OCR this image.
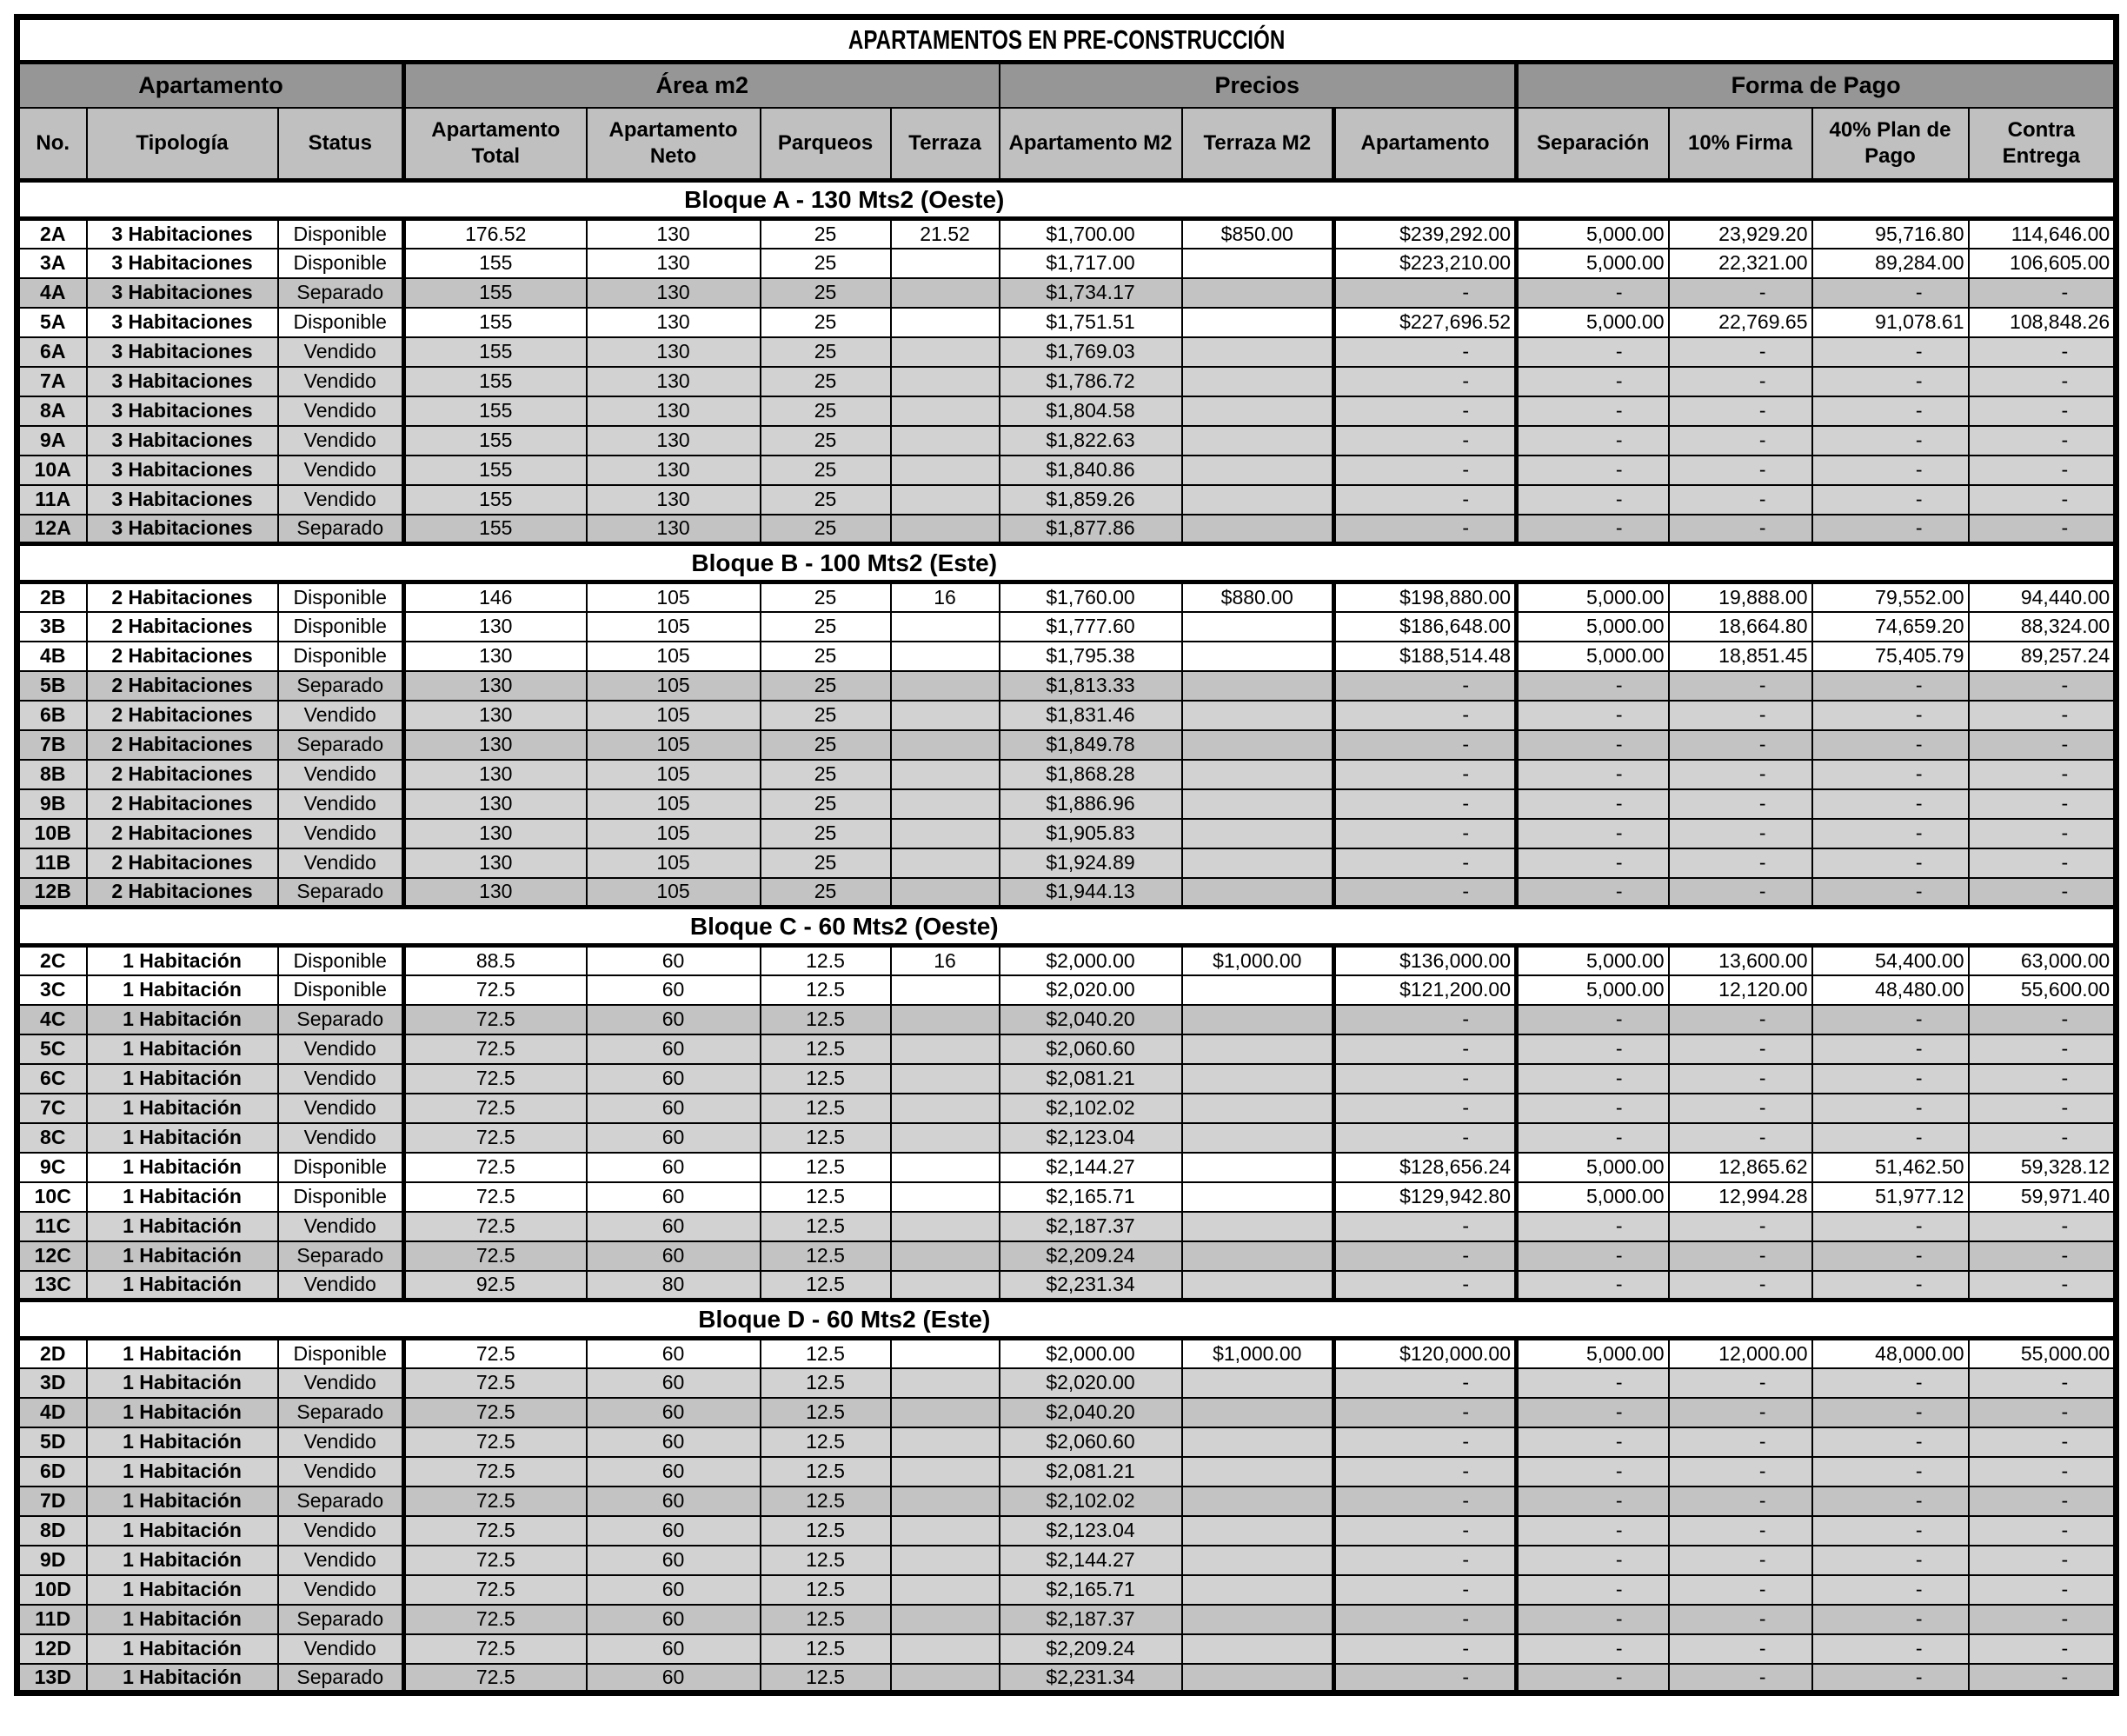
APARTAMENTOS EN PRE-CONSTRUCCIÓN													
Apartamento			Área m2				Precios			Forma de Pago			
No.	Tipología	Status	Apartamento Total	Apartamento Neto	Parqueos	Terraza	Apartamento M2	Terraza M2	Apartamento	Separación	10% Firma	40% Plan de Pago	Contra Entrega
Bloque A - 130 Mts2 (Oeste)													
2A	3 Habitaciones	Disponible	176.52	130	25	21.52	$1,700.00	$850.00	$239,292.00	5,000.00	23,929.20	95,716.80	114,646.00
3A	3 Habitaciones	Disponible	155	130	25		$1,717.00		$223,210.00	5,000.00	22,321.00	89,284.00	106,605.00
4A	3 Habitaciones	Separado	155	130	25		$1,734.17		-	-	-	-	-
5A	3 Habitaciones	Disponible	155	130	25		$1,751.51		$227,696.52	5,000.00	22,769.65	91,078.61	108,848.26
6A	3 Habitaciones	Vendido	155	130	25		$1,769.03		-	-	-	-	-
7A	3 Habitaciones	Vendido	155	130	25		$1,786.72		-	-	-	-	-
8A	3 Habitaciones	Vendido	155	130	25		$1,804.58		-	-	-	-	-
9A	3 Habitaciones	Vendido	155	130	25		$1,822.63		-	-	-	-	-
10A	3 Habitaciones	Vendido	155	130	25		$1,840.86		-	-	-	-	-
11A	3 Habitaciones	Vendido	155	130	25		$1,859.26		-	-	-	-	-
12A	3 Habitaciones	Separado	155	130	25		$1,877.86		-	-	-	-	-
Bloque B - 100 Mts2 (Este)													
2B	2 Habitaciones	Disponible	146	105	25	16	$1,760.00	$880.00	$198,880.00	5,000.00	19,888.00	79,552.00	94,440.00
3B	2 Habitaciones	Disponible	130	105	25		$1,777.60		$186,648.00	5,000.00	18,664.80	74,659.20	88,324.00
4B	2 Habitaciones	Disponible	130	105	25		$1,795.38		$188,514.48	5,000.00	18,851.45	75,405.79	89,257.24
5B	2 Habitaciones	Separado	130	105	25		$1,813.33		-	-	-	-	-
6B	2 Habitaciones	Vendido	130	105	25		$1,831.46		-	-	-	-	-
7B	2 Habitaciones	Separado	130	105	25		$1,849.78		-	-	-	-	-
8B	2 Habitaciones	Vendido	130	105	25		$1,868.28		-	-	-	-	-
9B	2 Habitaciones	Vendido	130	105	25		$1,886.96		-	-	-	-	-
10B	2 Habitaciones	Vendido	130	105	25		$1,905.83		-	-	-	-	-
11B	2 Habitaciones	Vendido	130	105	25		$1,924.89		-	-	-	-	-
12B	2 Habitaciones	Separado	130	105	25		$1,944.13		-	-	-	-	-
Bloque C - 60 Mts2 (Oeste)													
2C	1 Habitación	Disponible	88.5	60	12.5	16	$2,000.00	$1,000.00	$136,000.00	5,000.00	13,600.00	54,400.00	63,000.00
3C	1 Habitación	Disponible	72.5	60	12.5		$2,020.00		$121,200.00	5,000.00	12,120.00	48,480.00	55,600.00
4C	1 Habitación	Separado	72.5	60	12.5		$2,040.20		-	-	-	-	-
5C	1 Habitación	Vendido	72.5	60	12.5		$2,060.60		-	-	-	-	-
6C	1 Habitación	Vendido	72.5	60	12.5		$2,081.21		-	-	-	-	-
7C	1 Habitación	Vendido	72.5	60	12.5		$2,102.02		-	-	-	-	-
8C	1 Habitación	Vendido	72.5	60	12.5		$2,123.04		-	-	-	-	-
9C	1 Habitación	Disponible	72.5	60	12.5		$2,144.27		$128,656.24	5,000.00	12,865.62	51,462.50	59,328.12
10C	1 Habitación	Disponible	72.5	60	12.5		$2,165.71		$129,942.80	5,000.00	12,994.28	51,977.12	59,971.40
11C	1 Habitación	Vendido	72.5	60	12.5		$2,187.37		-	-	-	-	-
12C	1 Habitación	Separado	72.5	60	12.5		$2,209.24		-	-	-	-	-
13C	1 Habitación	Vendido	92.5	80	12.5		$2,231.34		-	-	-	-	-
Bloque D - 60 Mts2 (Este)													
2D	1 Habitación	Disponible	72.5	60	12.5		$2,000.00	$1,000.00	$120,000.00	5,000.00	12,000.00	48,000.00	55,000.00
3D	1 Habitación	Vendido	72.5	60	12.5		$2,020.00		-	-	-	-	-
4D	1 Habitación	Separado	72.5	60	12.5		$2,040.20		-	-	-	-	-
5D	1 Habitación	Vendido	72.5	60	12.5		$2,060.60		-	-	-	-	-
6D	1 Habitación	Vendido	72.5	60	12.5		$2,081.21		-	-	-	-	-
7D	1 Habitación	Separado	72.5	60	12.5		$2,102.02		-	-	-	-	-
8D	1 Habitación	Vendido	72.5	60	12.5		$2,123.04		-	-	-	-	-
9D	1 Habitación	Vendido	72.5	60	12.5		$2,144.27		-	-	-	-	-
10D	1 Habitación	Vendido	72.5	60	12.5		$2,165.71		-	-	-	-	-
11D	1 Habitación	Separado	72.5	60	12.5		$2,187.37		-	-	-	-	-
12D	1 Habitación	Vendido	72.5	60	12.5		$2,209.24		-	-	-	-	-
13D	1 Habitación	Separado	72.5	60	12.5		$2,231.34		-	-	-	-	-
